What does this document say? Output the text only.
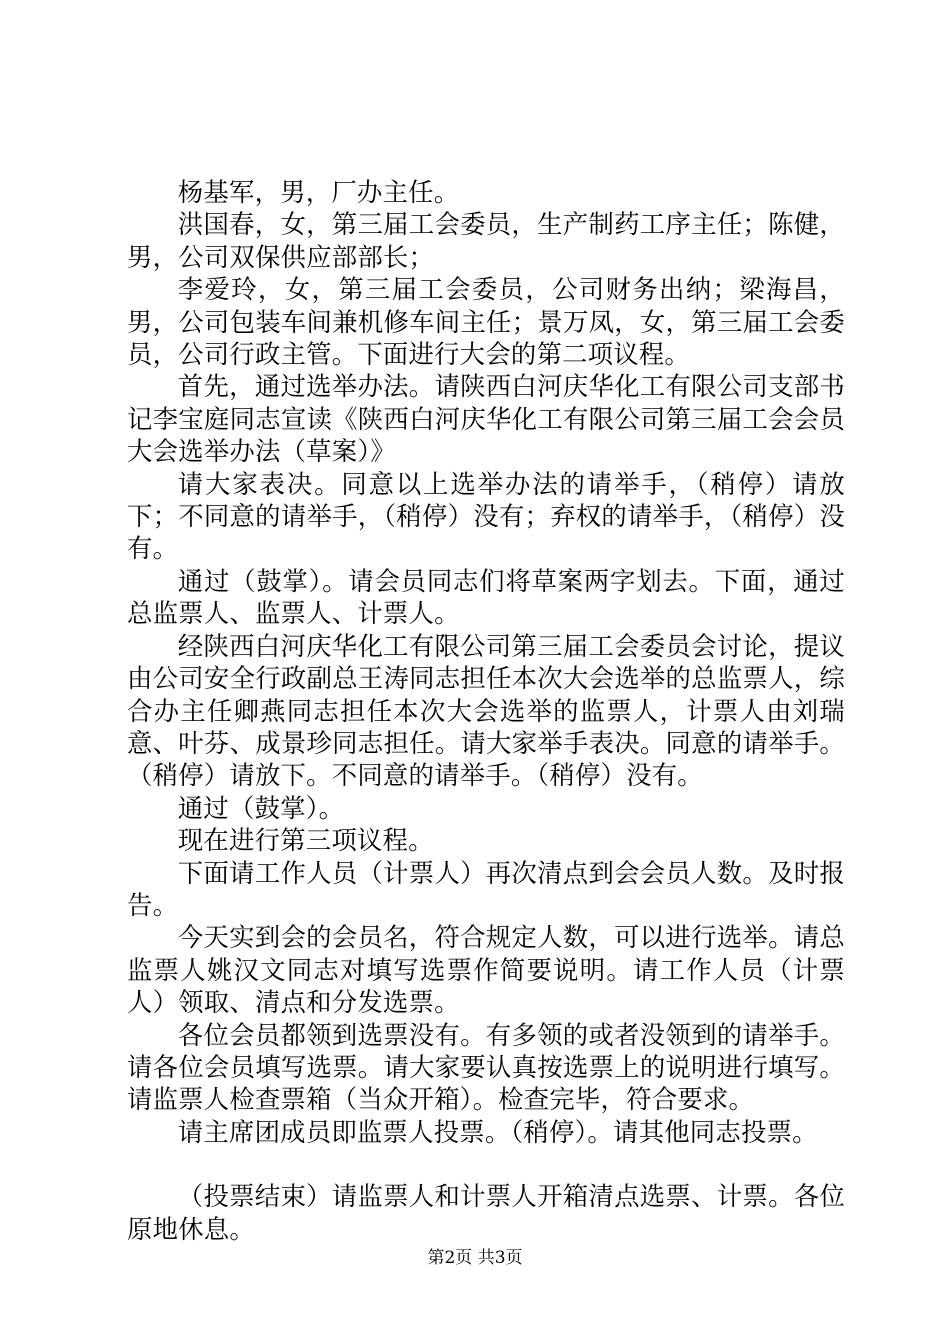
杨基军，男，厂办主任。

洪国春，女，第三届工会委员，生产制药工序主任；陈健，男，公司双保供应部部长；

李爱玲，女，第三届工会委员，公司财务出纳；梁海昌，男，公司包装车间兼机修车间主任；景万凤，女，第三届工会委员，公司行政主管。下面进行大会的第二项议程。

首先，通过选举办法。请陕西白河庆华化工有限公司支部书记李宝庭同志宣读《陕西白河庆华化工有限公司第三届工会会员大会选举办法（草案）》

请大家表决。同意以上选举办法的请举手，（稍停）请放下；不同意的请举手，（稍停）没有；弃权的请举手，（稍停）没有。

通过（鼓掌）。请会员同志们将草案两字划去。下面，通过总监票人、监票人、计票人。

经陕西白河庆华化工有限公司第三届工会委员会讨论，提议由公司安全行政副总王涛同志担任本次大会选举的总监票人，综合办主任卿燕同志担任本次大会选举的监票人，计票人由刘瑞意、叶芬、成景珍同志担任。请大家举手表决。同意的请举手。（稍停）请放下。不同意的请举手。（稍停）没有。

通过（鼓掌）。

现在进行第三项议程。

下面请工作人员（计票人）再次清点到会会员人数。及时报告。

今天实到会的会员名，符合规定人数，可以进行选举。请总监票人姚汉文同志对填写选票作简要说明。请工作人员（计票人）领取、清点和分发选票。

各位会员都领到选票没有。有多领的或者没领到的请举手。请各位会员填写选票。请大家要认真按选票上的说明进行填写。请监票人检查票箱（当众开箱）。检查完毕，符合要求。

请主席团成员即监票人投票。（稍停）。请其他同志投票。

（投票结束）请监票人和计票人开箱清点选票、计票。各位原地休息。

第2页 共3页
